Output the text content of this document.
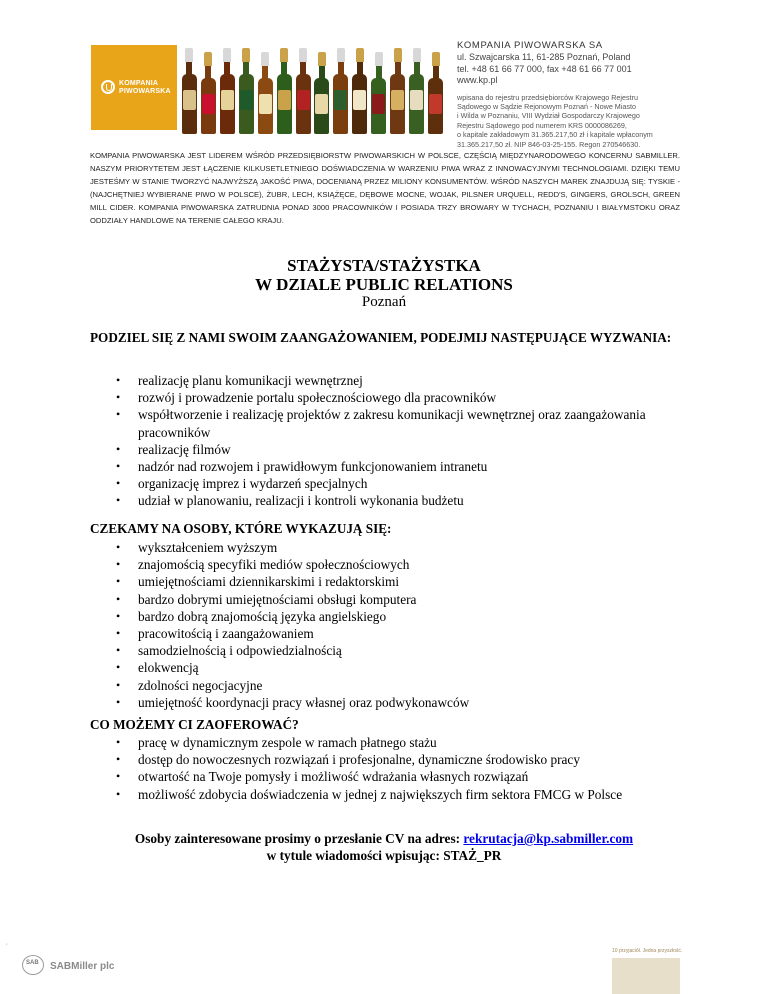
KOMPANIA
PIWOWARSKA
KOMPANIA PIWOWARSKA SA
ul. Szwajcarska 11, 61-285 Poznań, Poland
tel. +48 61 66 77 000, fax +48 61 66 77 001
www.kp.pl
wpisana do rejestru przedsiębiorców Krajowego Rejestru
Sądowego w Sądzie Rejonowym Poznań - Nowe Miasto
i Wilda w Poznaniu, VIII Wydział Gospodarczy Krajowego
Rejestru Sądowego pod numerem KRS 0000086269,
o kapitale zakładowym 31.365.217,50 zł i kapitale wpłaconym
31.365.217,50 zł. NIP 846-03-25-155. Regon 270546630.
KOMPANIA PIWOWARSKA JEST LIDEREM WŚRÓD PRZEDSIĘBIORSTW PIWOWARSKICH W POLSCE, CZĘŚCIĄ MIĘDZYNARODOWEGO KONCERNU SABMILLER. NASZYM PRIORYTETEM JEST ŁĄCZENIE KILKUSETLETNIEGO DOŚWIADCZENIA W WARZENIU PIWA WRAZ Z INNOWACYJNYMI TECHNOLOGIAMI. DZIĘKI TEMU JESTEŚMY W STANIE TWORZYĆ NAJWYŻSZĄ JAKOŚĆ PIWA, DOCENIANĄ PRZEZ MILIONY KONSUMENTÓW. WŚRÓD NASZYCH MAREK ZNAJDUJĄ SIĘ: TYSKIE - (NAJCHĘTNIEJ WYBIERANE PIWO W POLSCE), ŻUBR, LECH, KSIĄŻĘCE, DĘBOWE MOCNE, WOJAK, PILSNER URQUELL, REDD'S, GINGERS, GROLSCH, GREEN MILL CIDER. KOMPANIA PIWOWARSKA ZATRUDNIA PONAD 3000 PRACOWNIKÓW I POSIADA TRZY BROWARY W TYCHACH, POZNANIU I BIAŁYMSTOKU ORAZ ODDZIAŁY HANDLOWE NA TERENIE CAŁEGO KRAJU.
STAŻYSTA/STAŻYSTKA
W DZIALE PUBLIC RELATIONS
Poznań
PODZIEL SIĘ Z NAMI SWOIM ZAANGAŻOWANIEM, PODEJMIJ NASTĘPUJĄCE WYZWANIA:
• realizację planu komunikacji wewnętrznej
• rozwój i prowadzenie portalu społecznościowego dla pracowników
• współtworzenie i realizację projektów z zakresu komunikacji wewnętrznej oraz zaangażowania pracowników
• realizację filmów
• nadzór nad rozwojem i prawidłowym funkcjonowaniem intranetu
• organizację imprez i wydarzeń specjalnych
• udział w planowaniu, realizacji i kontroli wykonania budżetu
CZEKAMY NA OSOBY, KTÓRE WYKAZUJĄ SIĘ:
• wykształceniem wyższym
• znajomością specyfiki mediów społecznościowych
• umiejętnościami dziennikarskimi i redaktorskimi
• bardzo dobrymi umiejętnościami obsługi komputera
• bardzo dobrą znajomością języka angielskiego
• pracowitością i zaangażowaniem
• samodzielnością i odpowiedzialnością
• elokwencją
• zdolności negocjacyjne
• umiejętność koordynacji pracy własnej oraz podwykonawców
CO MOŻEMY CI ZAOFEROWAĆ?
• pracę w dynamicznym zespole w ramach płatnego stażu
• dostęp do nowoczesnych rozwiązań i profesjonalne, dynamiczne środowisko pracy
• otwartość na Twoje pomysły i możliwość wdrażania własnych rozwiązań
• możliwość zdobycia doświadczenia w jednej z największych firm sektora FMCG w Polsce
Osoby zainteresowane prosimy o przesłanie CV na adres: rekrutacja@kp.sabmiller.com
w tytule wiadomości wpisując: STAŻ_PR
,
SAB SABMiller plc
10 przyjaciół. Jedna przyszłość.
